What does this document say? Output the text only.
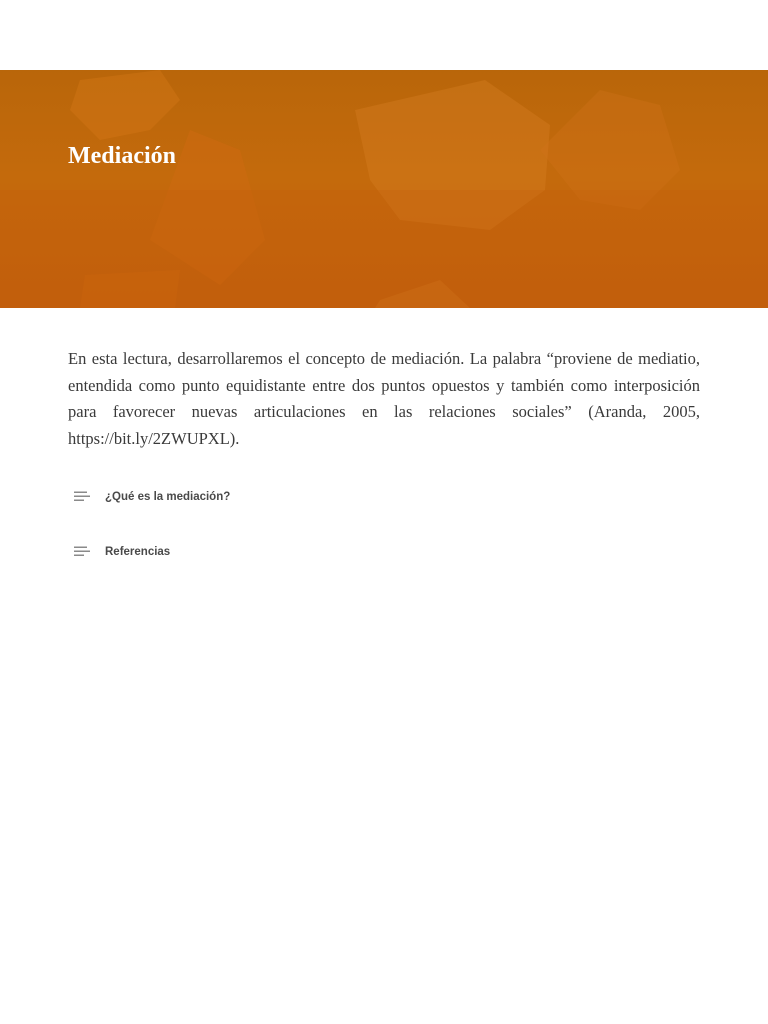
Mediación

En esta lectura, desarrollaremos el concepto de mediación. La palabra “proviene de mediatio, entendida como punto equidistante entre dos puntos opuestos y también como interposición para favorecer nuevas articulaciones en las relaciones sociales” (Aranda, 2005, https://bit.ly/2ZWUPXL).

¿Qué es la mediación?
Referencias
